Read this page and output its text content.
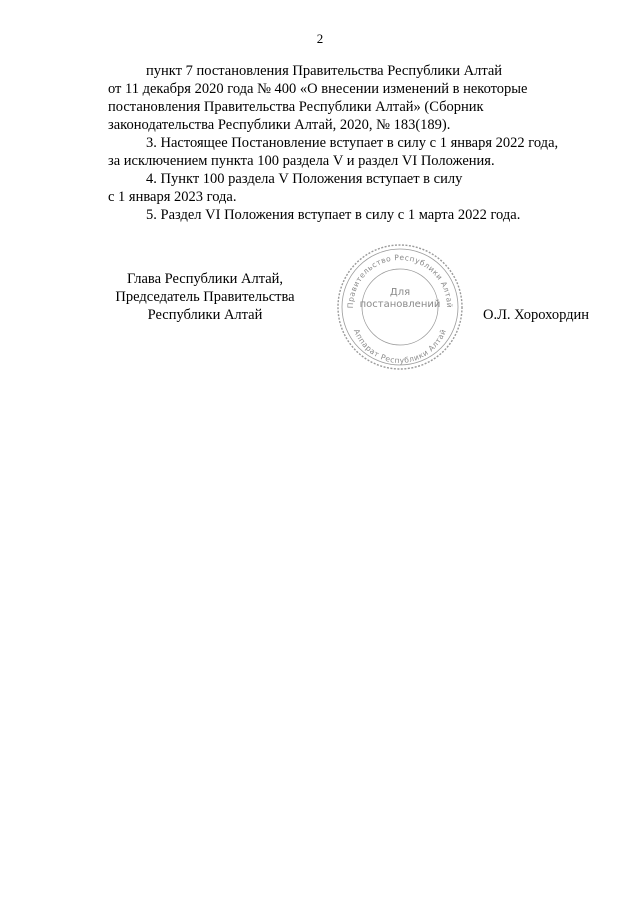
2

пункт 7 постановления Правительства Республики Алтай

от 11 декабря 2020 года № 400 «О внесении изменений в некоторые

постановления Правительства Республики Алтай» (Сборник

законодательства Республики Алтай, 2020, № 183(189).

3. Настоящее Постановление вступает в силу с 1 января 2022 года,

за исключением пункта 100 раздела V и раздел VI Положения.

4. Пункт 100 раздела V Положения вступает в силу

с 1 января 2023 года.

5. Раздел VI Положения вступает в силу с 1 марта 2022 года.

Глава Республики Алтай,
Председатель Правительства
Республики Алтай
Правительство Республики Алтай
Аппарат Республики Алтай
Для
постановлений
О.Л. Хорохордин
